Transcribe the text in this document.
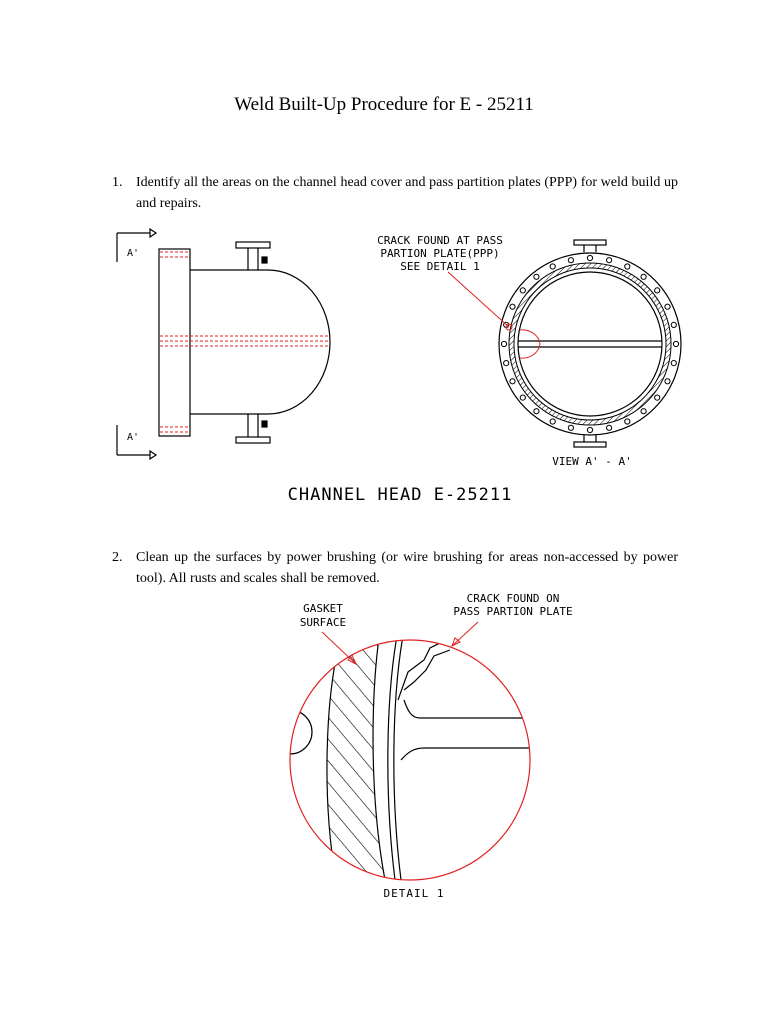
Weld Built-Up Procedure for E - 25211
1. Identify all the areas on the channel head cover and pass partition plates (PPP) for weld build up and repairs.
2. Clean up the surfaces by power brushing (or wire brushing for areas non-accessed by power tool). All rusts and scales shall be removed.
A'
A'
CRACK FOUND AT PASS
PARTION PLATE(PPP)
SEE DETAIL 1
VIEW A' - A'
CHANNEL HEAD E-25211
GASKET
SURFACE
CRACK FOUND ON
PASS PARTION PLATE
DETAIL 1
